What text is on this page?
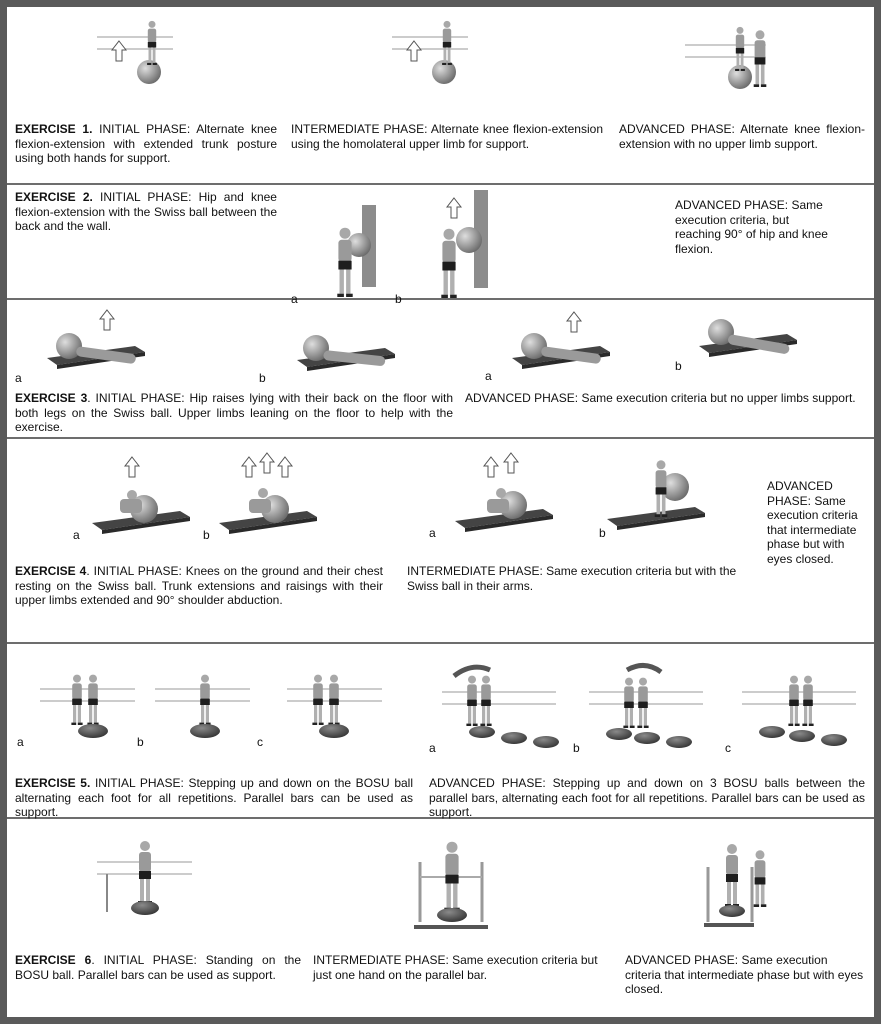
EXERCISE 1. INITIAL PHASE: Alternate knee flexion-extension with extended trunk posture using both hands for support.
INTERMEDIATE PHASE: Alternate knee flexion-extension using the homolateral upper limb for support.
ADVANCED PHASE: Alternate knee flexion-extension with no upper limb support.
EXERCISE 2. INITIAL PHASE: Hip and knee flexion-extension with the Swiss ball between the back and the wall.
a	b
ADVANCED PHASE: Same execution criteria, but reaching 90° of hip and knee flexion.
a	b	a
b
EXERCISE 3. INITIAL PHASE: Hip raises lying with their back on the floor with both legs on the Swiss ball. Upper limbs leaning on the floor to help with the exercise.
ADVANCED PHASE: Same execution criteria but no upper limbs support.
a	b	a	b
ADVANCED PHASE: Same execution criteria that intermediate phase but with eyes closed.
EXERCISE 4. INITIAL PHASE: Knees on the ground and their chest resting on the Swiss ball. Trunk extensions and raisings with their upper limbs extended and 90° shoulder abduction.
INTERMEDIATE PHASE: Same execution criteria but with the Swiss ball in their arms.
a	b	c	a	b	c
EXERCISE 5. INITIAL PHASE: Stepping up and down on the BOSU ball alternating each foot for all repetitions. Parallel bars can be used as support.
ADVANCED PHASE: Stepping up and down on 3 BOSU balls between the parallel bars, alternating each foot for all repetitions. Parallel bars can be used as support.
EXERCISE 6. INITIAL PHASE: Standing on the BOSU ball. Parallel bars can be used as support.
INTERMEDIATE PHASE: Same execution criteria but just one hand on the parallel bar.
ADVANCED PHASE: Same execution criteria that intermediate phase but with eyes closed.
